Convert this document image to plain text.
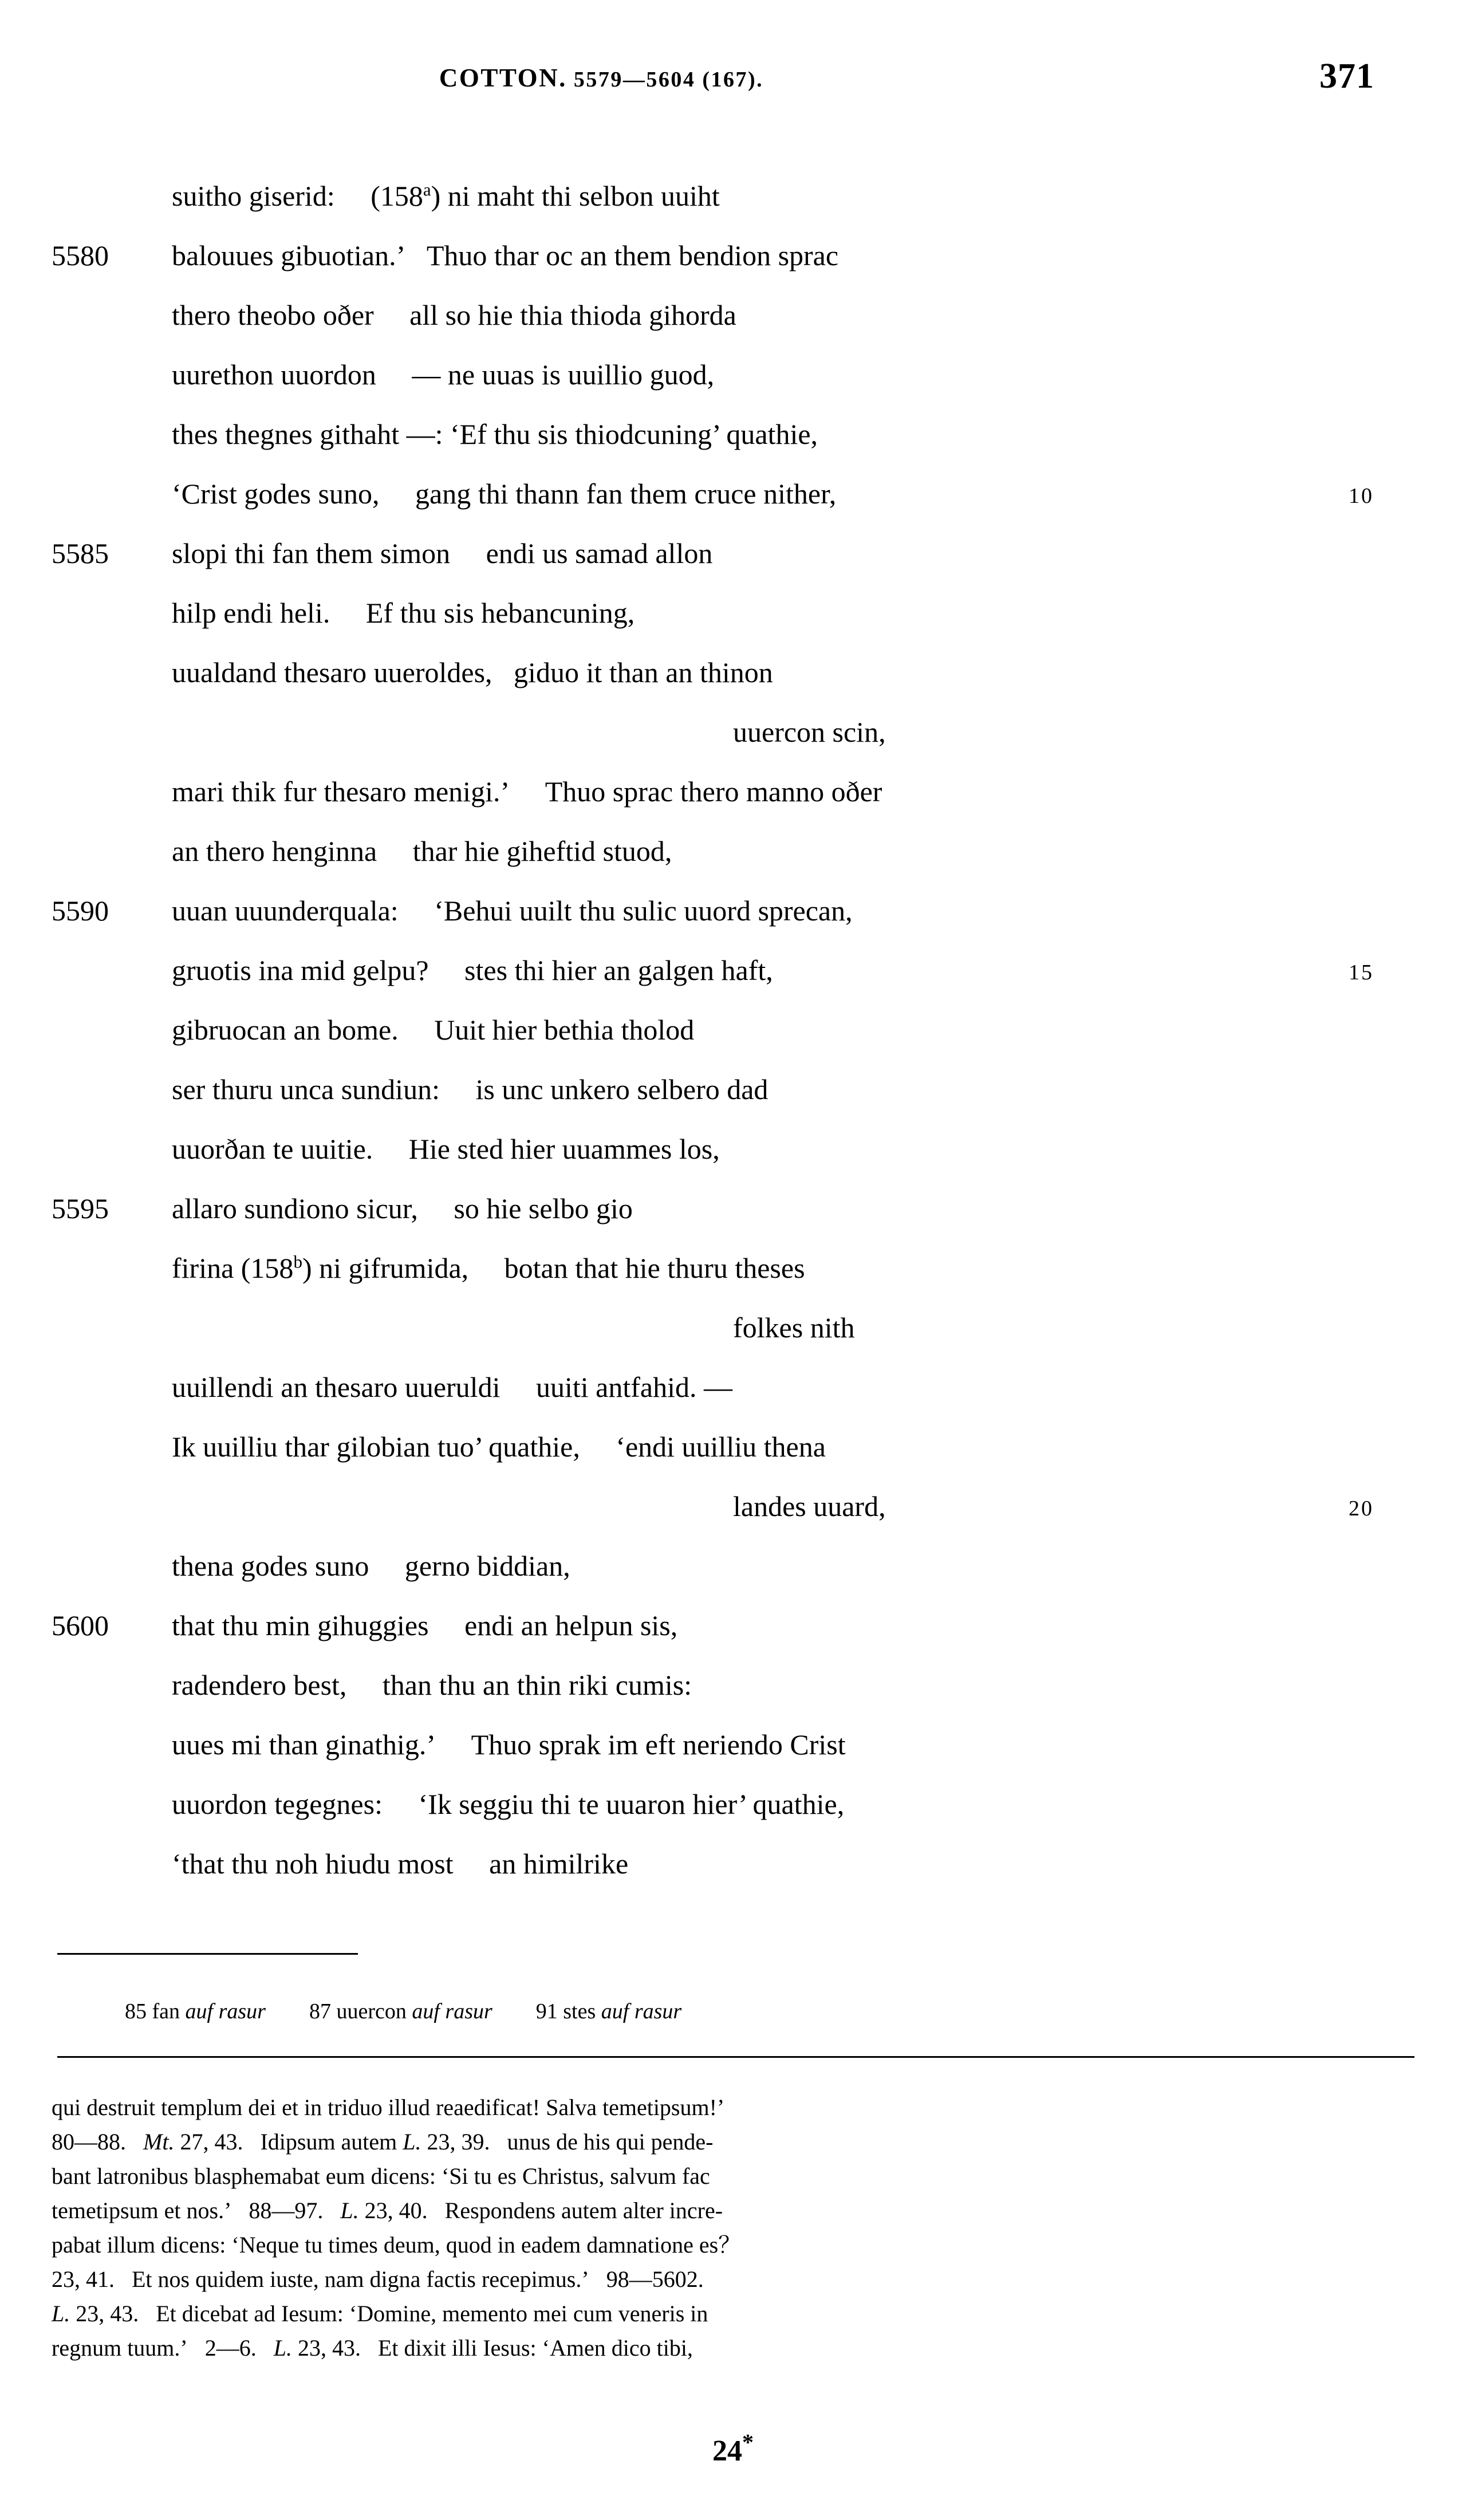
COTTON. 5579—5604 (167).	371
suitho giserid:  (158$^a$) ni maht thi selbon uuiht
5580	balouues gibuotian.’  Thuo thar oc an them bendion sprac
thero theobo oðer  all so hie thia thioda gihorda
uurethon uuordon  — ne uuas is uuillio guod,
thes thegnes githaht —: ‘Ef thu sis thiodcuning’ quathie,
‘Crist godes suno,  gang thi thann fan them cruce nither,	10
5585	slopi thi fan them simon  endi us samad allon
hilp endi heli.  Ef thu sis hebancuning,
uualdand thesaro uueroldes,  giduo it than an thinon
uuercon scin,
mari thik fur thesaro menigi.’  Thuo sprac thero manno oðer
an thero henginna  thar hie giheftid stuod,
5590	uuan uuunderquala:  ‘Behui uuilt thu sulic uuord sprecan,
gruotis ina mid gelpu?  stes thi hier an galgen haft,	15
gibruocan an bome.  Uuit hier bethia tholod
ser thuru unca sundiun:  is unc unkero selbero dad
uuorðan te uuitie.  Hie sted hier uuammes los,
5595	allaro sundiono sicur,  so hie selbo gio
firina (158$^b$) ni gifrumida,  botan that hie thuru theses
folkes nith
uuillendi an thesaro uueruldi  uuiti antfahid. —
Ik uuilliu thar gilobian tuo’ quathie,  ‘endi uuilliu thena
landes uuard,	20
thena godes suno  gerno biddian,
5600	that thu min gihuggies  endi an helpun sis,
radendero best,  than thu an thin riki cumis:
uues mi than ginathig.’  Thuo sprak im eft neriendo Crist
uuordon tegegnes:  ‘Ik seggiu thi te uuaron hier’ quathie,
‘that thu noh hiudu most  an himilrike

85 fan auf rasur   87 uuercon auf rasur   91 stes auf rasur

qui destruit templum dei et in triduo illud reaedificat! Salva temetipsum!’
80—88.  Mt. 27, 43.  Idipsum autem L. 23, 39.  unus de his qui pende-
bant latronibus blasphemabat eum dicens: ‘Si tu es Christus, salvum fac
temetipsum et nos.’  88—97.  L. 23, 40.  Respondens autem alter incre-
pabat illum dicens: ‘Neque tu times deum, quod in eadem damnatione es？
23, 41.  Et nos quidem iuste, nam digna factis recepimus.’  98—5602.
L. 23, 43.  Et dicebat ad Iesum: ‘Domine, memento mei cum veneris in
regnum tuum.’  2—6.  L. 23, 43.  Et dixit illi Iesus: ‘Amen dico tibi,
24*
